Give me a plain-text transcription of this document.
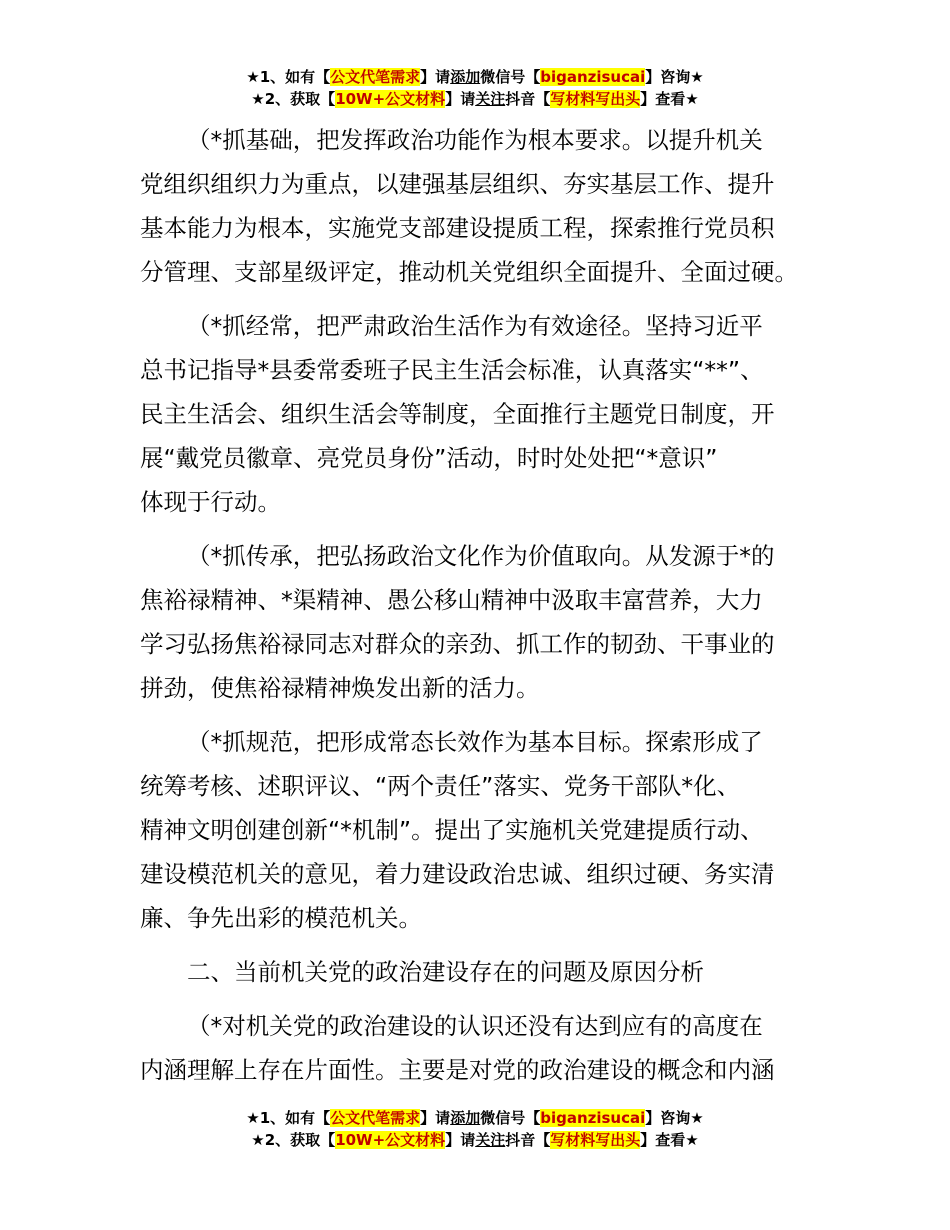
★1、如有【公文代笔需求】请添加微信号【biganzisucai】咨询★
★2、获取【10W+公文材料】请关注抖音【写材料写出头】查看★
（*抓基础，把发挥政治功能作为根本要求。以提升机关
党组织组织力为重点，以建强基层组织、夯实基层工作、提升
基本能力为根本，实施党支部建设提质工程，探索推行党员积
分管理、支部星级评定，推动机关党组织全面提升、全面过硬。
（*抓经常，把严肃政治生活作为有效途径。坚持习近平
总书记指导*县委常委班子民主生活会标准，认真落实“**”、
民主生活会、组织生活会等制度，全面推行主题党日制度，开
展“戴党员徽章、亮党员身份”活动，时时处处把“*意识”
体现于行动。
（*抓传承，把弘扬政治文化作为价值取向。从发源于*的
焦裕禄精神、*渠精神、愚公移山精神中汲取丰富营养，大力
学习弘扬焦裕禄同志对群众的亲劲、抓工作的韧劲、干事业的
拼劲，使焦裕禄精神焕发出新的活力。
（*抓规范，把形成常态长效作为基本目标。探索形成了
统筹考核、述职评议、“两个责任”落实、党务干部队*化、
精神文明创建创新“*机制”。提出了实施机关党建提质行动、
建设模范机关的意见，着力建设政治忠诚、组织过硬、务实清
廉、争先出彩的模范机关。
二、当前机关党的政治建设存在的问题及原因分析
（*对机关党的政治建设的认识还没有达到应有的高度在
内涵理解上存在片面性。主要是对党的政治建设的概念和内涵
★1、如有【公文代笔需求】请添加微信号【biganzisucai】咨询★
★2、获取【10W+公文材料】请关注抖音【写材料写出头】查看★
